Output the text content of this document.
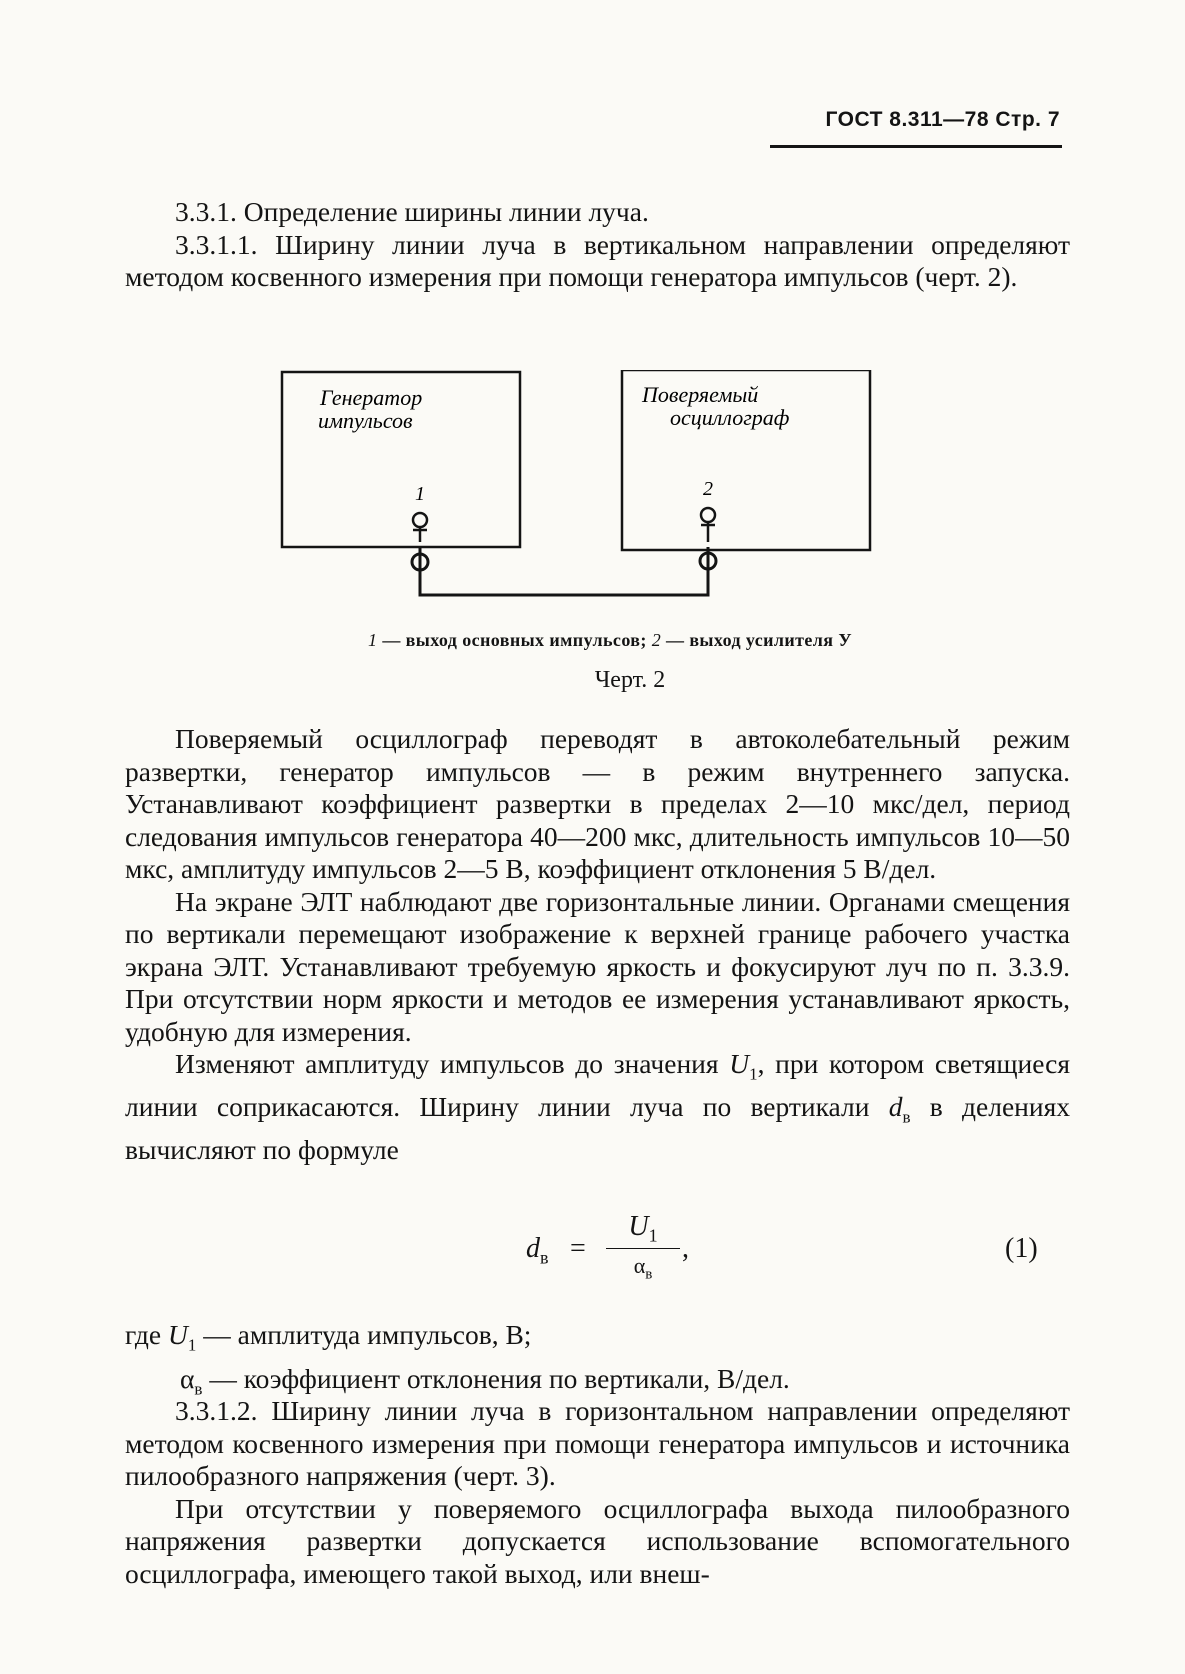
ГОСТ 8.311—78 Стр. 7

3.3.1. Определение ширины линии луча.

3.3.1.1. Ширину линии луча в вертикальном направлении определяют методом косвенного измерения при помощи генератора импульсов (черт. 2).

Генератор
импульсов
Поверяемый
осциллограф
1	2
1 — выход основных импульсов; 2 — выход усилителя У
Черт. 2

Поверяемый осциллограф переводят в автоколебательный режим развертки, генератор импульсов — в режим внутреннего запуска. Устанавливают коэффициент развертки в пределах 2—10 мкс/дел, период следования импульсов генератора 40—200 мкс, длительность импульсов 10—50 мкс, амплитуду импульсов 2—5 В, коэффициент отклонения 5 В/дел.

На экране ЭЛТ наблюдают две горизонтальные линии. Органами смещения по вертикали перемещают изображение к верхней границе рабочего участка экрана ЭЛТ. Устанавливают требуемую яркость и фокусируют луч по п. 3.3.9. При отсутствии норм яркости и методов ее измерения устанавливают яркость, удобную для измерения.

Изменяют амплитуду импульсов до значения $U_1$, при котором светящиеся линии соприкасаются. Ширину линии луча по вертикали $d_в$ в делениях вычисляют по формуле

$d_в$ =
$U_1$
$\alpha_в$
,	(1)
где $U_1$ — амплитуда импульсов, В;
$\alpha_в$ — коэффициент отклонения по вертикали, В/дел.

3.3.1.2. Ширину линии луча в горизонтальном направлении определяют методом косвенного измерения при помощи генератора импульсов и источника пилообразного напряжения (черт. 3).

При отсутствии у поверяемого осциллографа выхода пилообразного напряжения развертки допускается использование вспомогательного осциллографа, имеющего такой выход, или внеш-
